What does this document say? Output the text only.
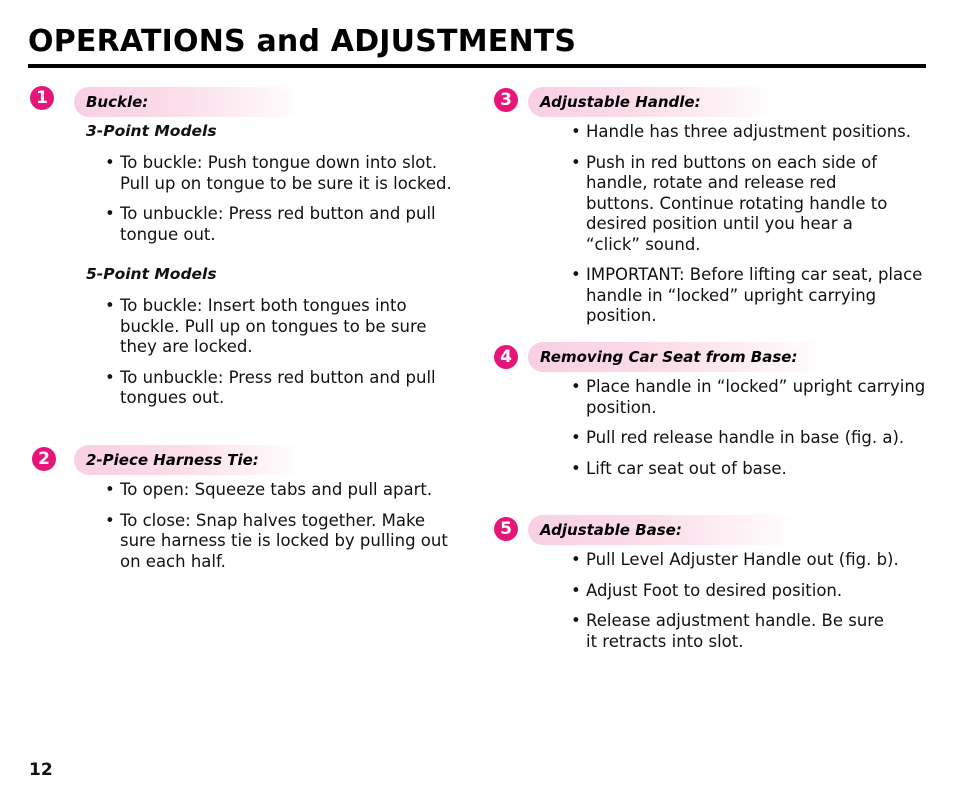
OPERATIONS and ADJUSTMENTS
1	Buckle:
3-Point Models
• To buckle: Push tongue down into slot. Pull up on tongue to be sure it is locked.
• To unbuckle: Press red button and pull tongue out.
5-Point Models
• To buckle: Insert both tongues into buckle. Pull up on tongues to be sure they are locked.
• To unbuckle: Press red button and pull tongues out.
2	2-Piece Harness Tie:
• To open: Squeeze tabs and pull apart.
• To close: Snap halves together. Make sure harness tie is locked by pulling out on each half.
3	Adjustable Handle:
• Handle has three adjustment positions.
• Push in red buttons on each side of handle, rotate and release red buttons. Continue rotating handle to desired position until you hear a “click” sound.
• IMPORTANT: Before lifting car seat, place handle in “locked” upright carrying position.
4	Removing Car Seat from Base:
• Place handle in “locked” upright carrying position.
• Pull red release handle in base (fig. a).
• Lift car seat out of base.
5	Adjustable Base:
• Pull Level Adjuster Handle out (fig. b).
• Adjust Foot to desired position.
• Release adjustment handle. Be sure it retracts into slot.
12
